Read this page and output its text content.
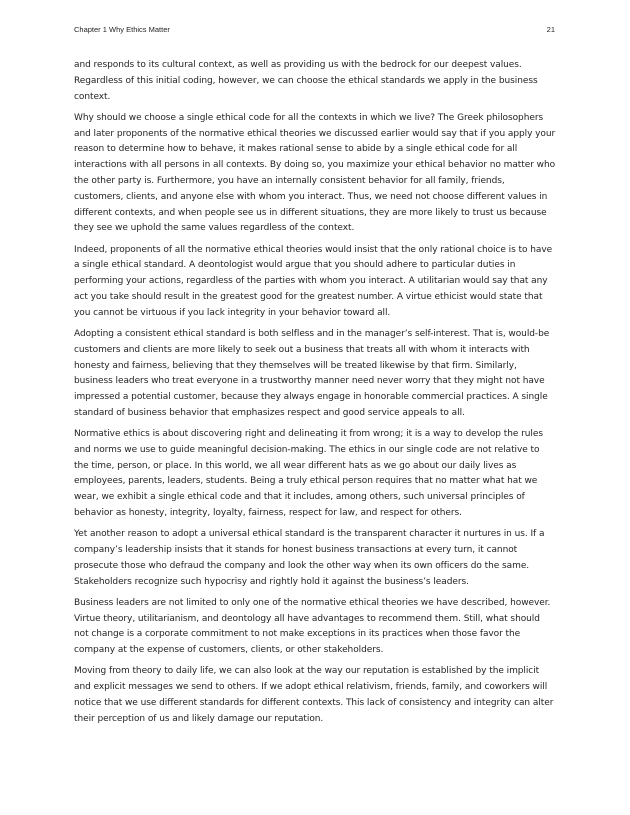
Chapter 1 Why Ethics Matter	21

and responds to its cultural context, as well as providing us with the bedrock for our deepest values. Regardless of this initial coding, however, we can choose the ethical standards we apply in the business context.

Why should we choose a single ethical code for all the contexts in which we live? The Greek philosophers and later proponents of the normative ethical theories we discussed earlier would say that if you apply your reason to determine how to behave, it makes rational sense to abide by a single ethical code for all interactions with all persons in all contexts. By doing so, you maximize your ethical behavior no matter who the other party is. Furthermore, you have an internally consistent behavior for all family, friends, customers, clients, and anyone else with whom you interact. Thus, we need not choose different values in different contexts, and when people see us in different situations, they are more likely to trust us because they see we uphold the same values regardless of the context.

Indeed, proponents of all the normative ethical theories would insist that the only rational choice is to have a single ethical standard. A deontologist would argue that you should adhere to particular duties in performing your actions, regardless of the parties with whom you interact. A utilitarian would say that any act you take should result in the greatest good for the greatest number. A virtue ethicist would state that you cannot be virtuous if you lack integrity in your behavior toward all.

Adopting a consistent ethical standard is both selfless and in the manager’s self-interest. That is, would-be customers and clients are more likely to seek out a business that treats all with whom it interacts with honesty and fairness, believing that they themselves will be treated likewise by that firm. Similarly, business leaders who treat everyone in a trustworthy manner need never worry that they might not have impressed a potential customer, because they always engage in honorable commercial practices. A single standard of business behavior that emphasizes respect and good service appeals to all.

Normative ethics is about discovering right and delineating it from wrong; it is a way to develop the rules and norms we use to guide meaningful decision-making. The ethics in our single code are not relative to the time, person, or place. In this world, we all wear different hats as we go about our daily lives as employees, parents, leaders, students. Being a truly ethical person requires that no matter what hat we wear, we exhibit a single ethical code and that it includes, among others, such universal principles of behavior as honesty, integrity, loyalty, fairness, respect for law, and respect for others.

Yet another reason to adopt a universal ethical standard is the transparent character it nurtures in us. If a company’s leadership insists that it stands for honest business transactions at every turn, it cannot prosecute those who defraud the company and look the other way when its own officers do the same. Stakeholders recognize such hypocrisy and rightly hold it against the business’s leaders.

Business leaders are not limited to only one of the normative ethical theories we have described, however. Virtue theory, utilitarianism, and deontology all have advantages to recommend them. Still, what should not change is a corporate commitment to not make exceptions in its practices when those favor the company at the expense of customers, clients, or other stakeholders.

Moving from theory to daily life, we can also look at the way our reputation is established by the implicit and explicit messages we send to others. If we adopt ethical relativism, friends, family, and coworkers will notice that we use different standards for different contexts. This lack of consistency and integrity can alter their perception of us and likely damage our reputation.
